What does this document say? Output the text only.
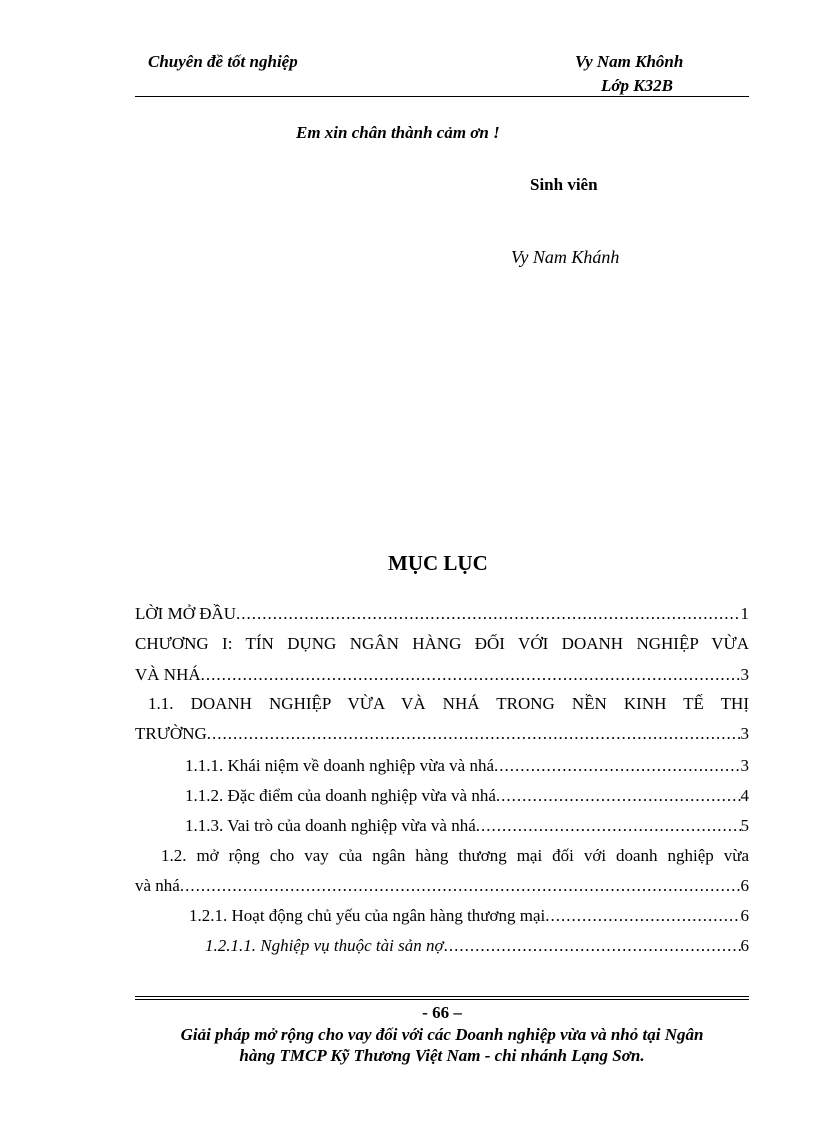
Chuyên đề tốt nghiệp	Vy Nam Khônh
Lớp K32B
Em xin chân thành cảm ơn !
Sinh viên
Vy Nam Khánh
MỤC LỤC
LỜI MỞ ĐẦU .....	1
CHƯƠNG I: TÍN DỤNG NGÂN HÀNG ĐỐI VỚI DOANH NGHIỆP VỪA
VÀ NHÁ .....	3
1.1. DOANH NGHIỆP VỪA VÀ NHÁ TRONG NỀN KINH TẾ THỊ
TRƯỜNG .....	3
1.1.1. Khái niệm về doanh nghiệp vừa và nhá .....	3
1.1.2. Đặc điểm của doanh nghiệp vừa và nhá .....	4
1.1.3. Vai trò của doanh nghiệp vừa và nhá .....	5
1.2. mở rộng cho vay của ngân hàng thương mại đối với doanh nghiệp vừa
và nhá .....	6
1.2.1. Hoạt động chủ yếu của ngân hàng thương mại .....	6
1.2.1.1. Nghiệp vụ thuộc tài sản nợ .....	6
- 66 –
Giải pháp mở rộng cho vay đối với các Doanh nghiệp vừa và nhỏ tại Ngân
hàng TMCP Kỹ Thương Việt Nam - chi nhánh Lạng Sơn.
